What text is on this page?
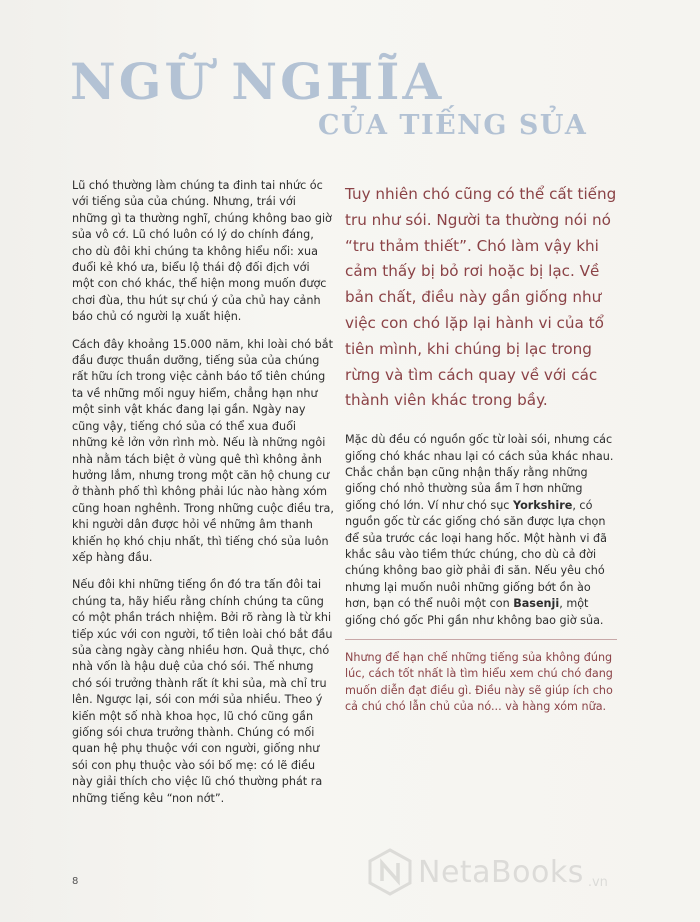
NGỮ NGHĨA
CỦA TIẾNG SỦA

Lũ chó thường làm chúng ta đinh tai nhức óc với tiếng sủa của chúng. Nhưng, trái với những gì ta thường nghĩ, chúng không bao giờ sủa vô cớ. Lũ chó luôn có lý do chính đáng, cho dù đôi khi chúng ta không hiểu nổi: xua đuổi kẻ khó ưa, biểu lộ thái độ đối địch với một con chó khác, thể hiện mong muốn được chơi đùa, thu hút sự chú ý của chủ hay cảnh báo chủ có người lạ xuất hiện.

Cách đây khoảng 15.000 năm, khi loài chó bắt đầu được thuần dưỡng, tiếng sủa của chúng rất hữu ích trong việc cảnh báo tổ tiên chúng ta về những mối nguy hiểm, chẳng hạn như một sinh vật khác đang lại gần. Ngày nay cũng vậy, tiếng chó sủa có thể xua đuổi những kẻ lởn vởn rình mò. Nếu là những ngôi nhà nằm tách biệt ở vùng quê thì không ảnh hưởng lắm, nhưng trong một căn hộ chung cư ở thành phố thì không phải lúc nào hàng xóm cũng hoan nghênh. Trong những cuộc điều tra, khi người dân được hỏi về những âm thanh khiến họ khó chịu nhất, thì tiếng chó sủa luôn xếp hàng đầu.

Nếu đôi khi những tiếng ồn đó tra tấn đôi tai chúng ta, hãy hiểu rằng chính chúng ta cũng có một phần trách nhiệm. Bởi rõ ràng là từ khi tiếp xúc với con người, tổ tiên loài chó bắt đầu sủa càng ngày càng nhiều hơn. Quả thực, chó nhà vốn là hậu duệ của chó sói. Thế nhưng chó sói trưởng thành rất ít khi sủa, mà chỉ tru lên. Ngược lại, sói con mới sủa nhiều. Theo ý kiến một số nhà khoa học, lũ chó cũng gần giống sói chưa trưởng thành. Chúng có mối quan hệ phụ thuộc với con người, giống như sói con phụ thuộc vào sói bố mẹ: có lẽ điều này giải thích cho việc lũ chó thường phát ra những tiếng kêu “non nớt”.

Tuy nhiên chó cũng có thể cất tiếng tru như sói. Người ta thường nói nó “tru thảm thiết”. Chó làm vậy khi cảm thấy bị bỏ rơi hoặc bị lạc. Về bản chất, điều này gần giống như việc con chó lặp lại hành vi của tổ tiên mình, khi chúng bị lạc trong rừng và tìm cách quay về với các thành viên khác trong bầy.

Mặc dù đều có nguồn gốc từ loài sói, nhưng các giống chó khác nhau lại có cách sủa khác nhau. Chắc chắn bạn cũng nhận thấy rằng những giống chó nhỏ thường sủa ầm ĩ hơn những giống chó lớn. Ví như chó sục Yorkshire, có nguồn gốc từ các giống chó săn được lựa chọn để sủa trước các loại hang hốc. Một hành vi đã khắc sâu vào tiềm thức chúng, cho dù cả đời chúng không bao giờ phải đi săn. Nếu yêu chó nhưng lại muốn nuôi những giống bớt ồn ào hơn, bạn có thể nuôi một con Basenji, một giống chó gốc Phi gần như không bao giờ sủa.

Nhưng để hạn chế những tiếng sủa không đúng lúc, cách tốt nhất là tìm hiểu xem chú chó đang muốn diễn đạt điều gì. Điều này sẽ giúp ích cho cả chú chó lẫn chủ của nó... và hàng xóm nữa.

8	NetaBooks .vn
